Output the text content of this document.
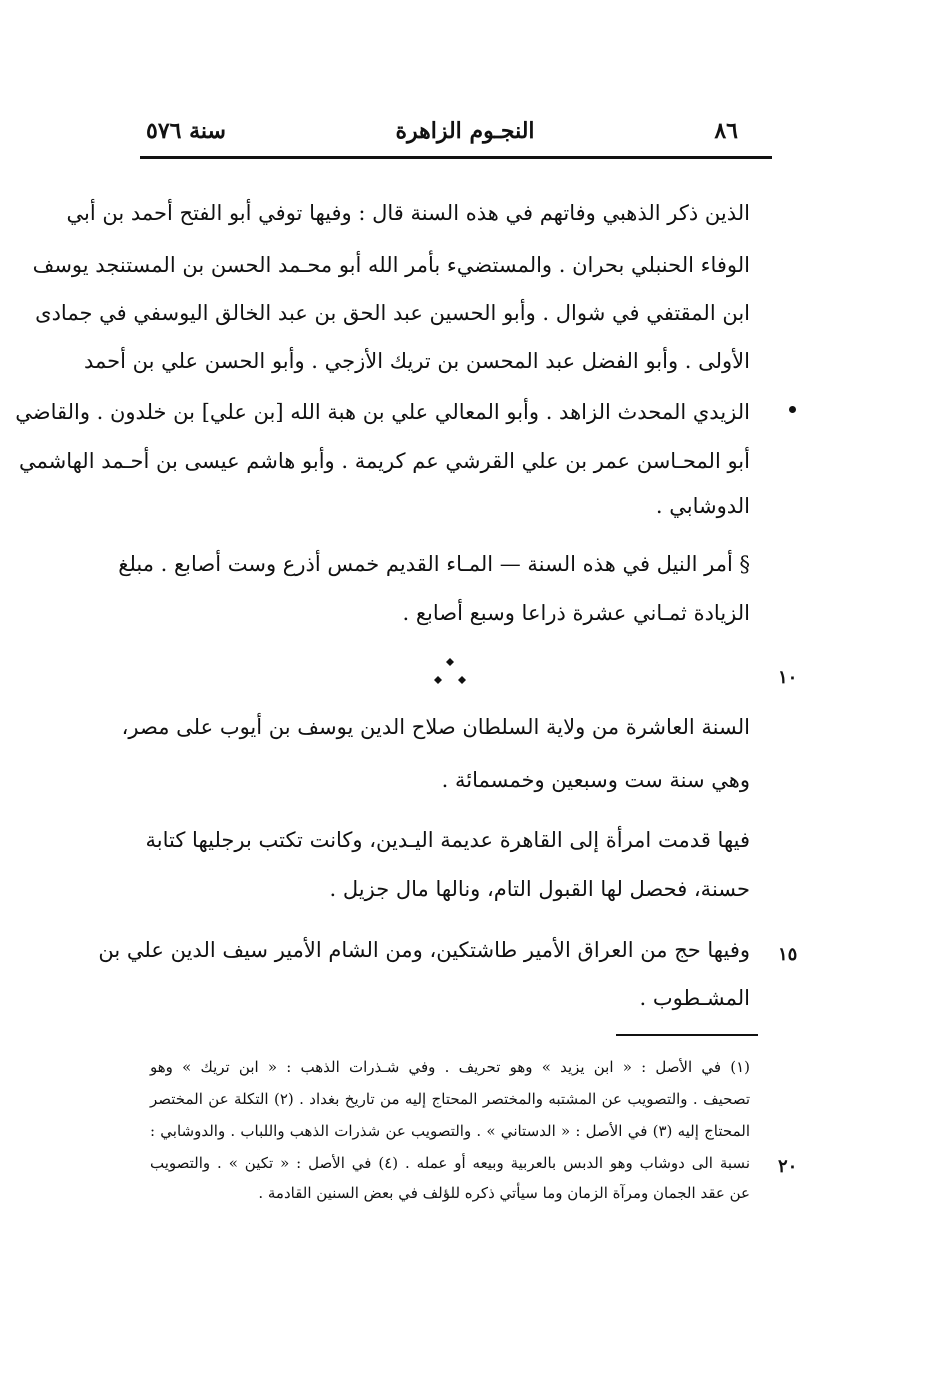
٨٦
النجـوم الزاهرة
سنة ٥٧٦
الذين ذكر الذهبي وفاتهم في هذه السنة قال : وفيها توفي أبو الفتح أحمد بن أبي
الوفاء الحنبلي بحران . والمستضيء بأمر الله أبو محـمد الحسن بن المستنجد يوسف
ابن المقتفي في شوال . وأبو الحسين عبد الحق بن عبد الخالق اليوسفي في جمادى
الأولى . وأبو الفضل عبد المحسن بن تريك الأزجي . وأبو الحسن علي بن أحمد
الزيدي المحدث الزاهد . وأبو المعالي علي بن هبة الله [بن علي] بن خلدون . والقاضي
أبو المحـاسن عمر بن علي القرشي عم كريمة . وأبو هاشم عيسى بن أحـمد الهاشمي
الدوشابي .
§ أمر النيل في هذه السنة — المـاء القديم خمس أذرع وست أصابع . مبلغ
الزيادة ثمـاني عشرة ذراعا وسبع أصابع .
السنة العاشرة من ولاية السلطان صلاح الدين يوسف بن أيوب على مصر،
وهي سنة ست وسبعين وخمسمائة .
فيها قدمت امرأة إلى القاهرة عديمة اليـدين، وكانت تكتب برجليها كتابة
حسنة، فحصل لها القبول التام، ونالها مال جزيل .
وفيها حج من العراق الأمير طاشتكين، ومن الشام الأمير سيف الدين علي بن
المشـطوب .
١٠
١٥
٢٠
(١) في الأصل : « ابن يزيد » وهو تحريف . وفي شـذرات الذهب : « ابن تريك » وهو
تصحيف . والتصويب عن المشتبه والمختصر المحتاج إليه من تاريخ بغداد . (٢) التكلة عن المختصر
المحتاج إليه (٣) في الأصل : « الدستاني » . والتصويب عن شذرات الذهب واللباب . والدوشابي :
نسبة الى دوشاب وهو الدبس بالعربية وبيعه أو عمله . (٤) في الأصل : « تكين » . والتصويب
عن عقد الجمان ومرآة الزمان وما سيأتي ذكره للؤلف في بعض السنين القادمة .
